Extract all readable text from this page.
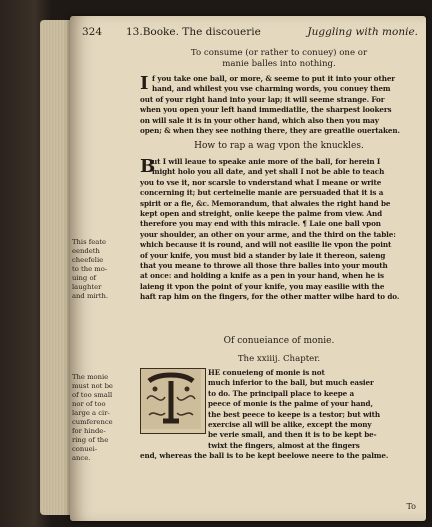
324 13.Booke. The discouerie	Juggling with monie.
To consume (or rather to conuey) one or
manie balles into nothing.
I f you take one ball, or more, & seeme to put it into your other
hand, and whilest you vse charming words, you conuey them
out of your right hand into your lap; it will seeme strange. For
when you open your left hand immediatlie, the sharpest lookers
on will sale it is in your other hand, which also then you may
open; & when they see nothing there, they are greatlie ouertaken.
How to rap a wag vpon the knuckles.
B
ut I will leaue to speake anie more of the ball, for herein I
might holo you all date, and yet shall I not be able to teach
you to vse it, nor scarsle to vnderstand what I meane or write
concerning it; but certeinelie manie are persuaded that it is a
spirit or a fie, &c. Memorandum, that alwaies the right hand be
kept open and streight, onlie keepe the palme from view. And
therefore you may end with this miracle. ¶ Laie one ball vpon
your shoulder, an other on your arme, and the third on the table:
which because it is round, and will not easilie lie vpon the point
of your knife, you must bid a stander by laie it thereon, saieng
that you meane to throwe all those thre balles into your mouth
at once: and holding a knife as a pen in your hand, when he is
laieng it vpon the point of your knife, you may easilie with the
haft rap him on the fingers, for the other matter wilbe hard to do.
This feate
eendeth
cheefelie
to the mo-
uing of
laughter
and mirth.
Of conueiance of monie.
The xxiiij. Chapter.
HE conueieng of monie is not
much inferior to the ball, but much easier
to do. The principall place to keepe a
peece of monie is the palme of your hand,
the best peece to keepe is a testor; but with
exercise all will be alike, except the mony
be verie small, and then it is to be kept be-
twixt the fingers, almost at the fingers
end, whereas the ball is to be kept beelowe neere to the palme.
The monie
must not be
of too small
nor of too
large a cir-
cumference
for hinde-
ring of the
conuei-
ance.
To
